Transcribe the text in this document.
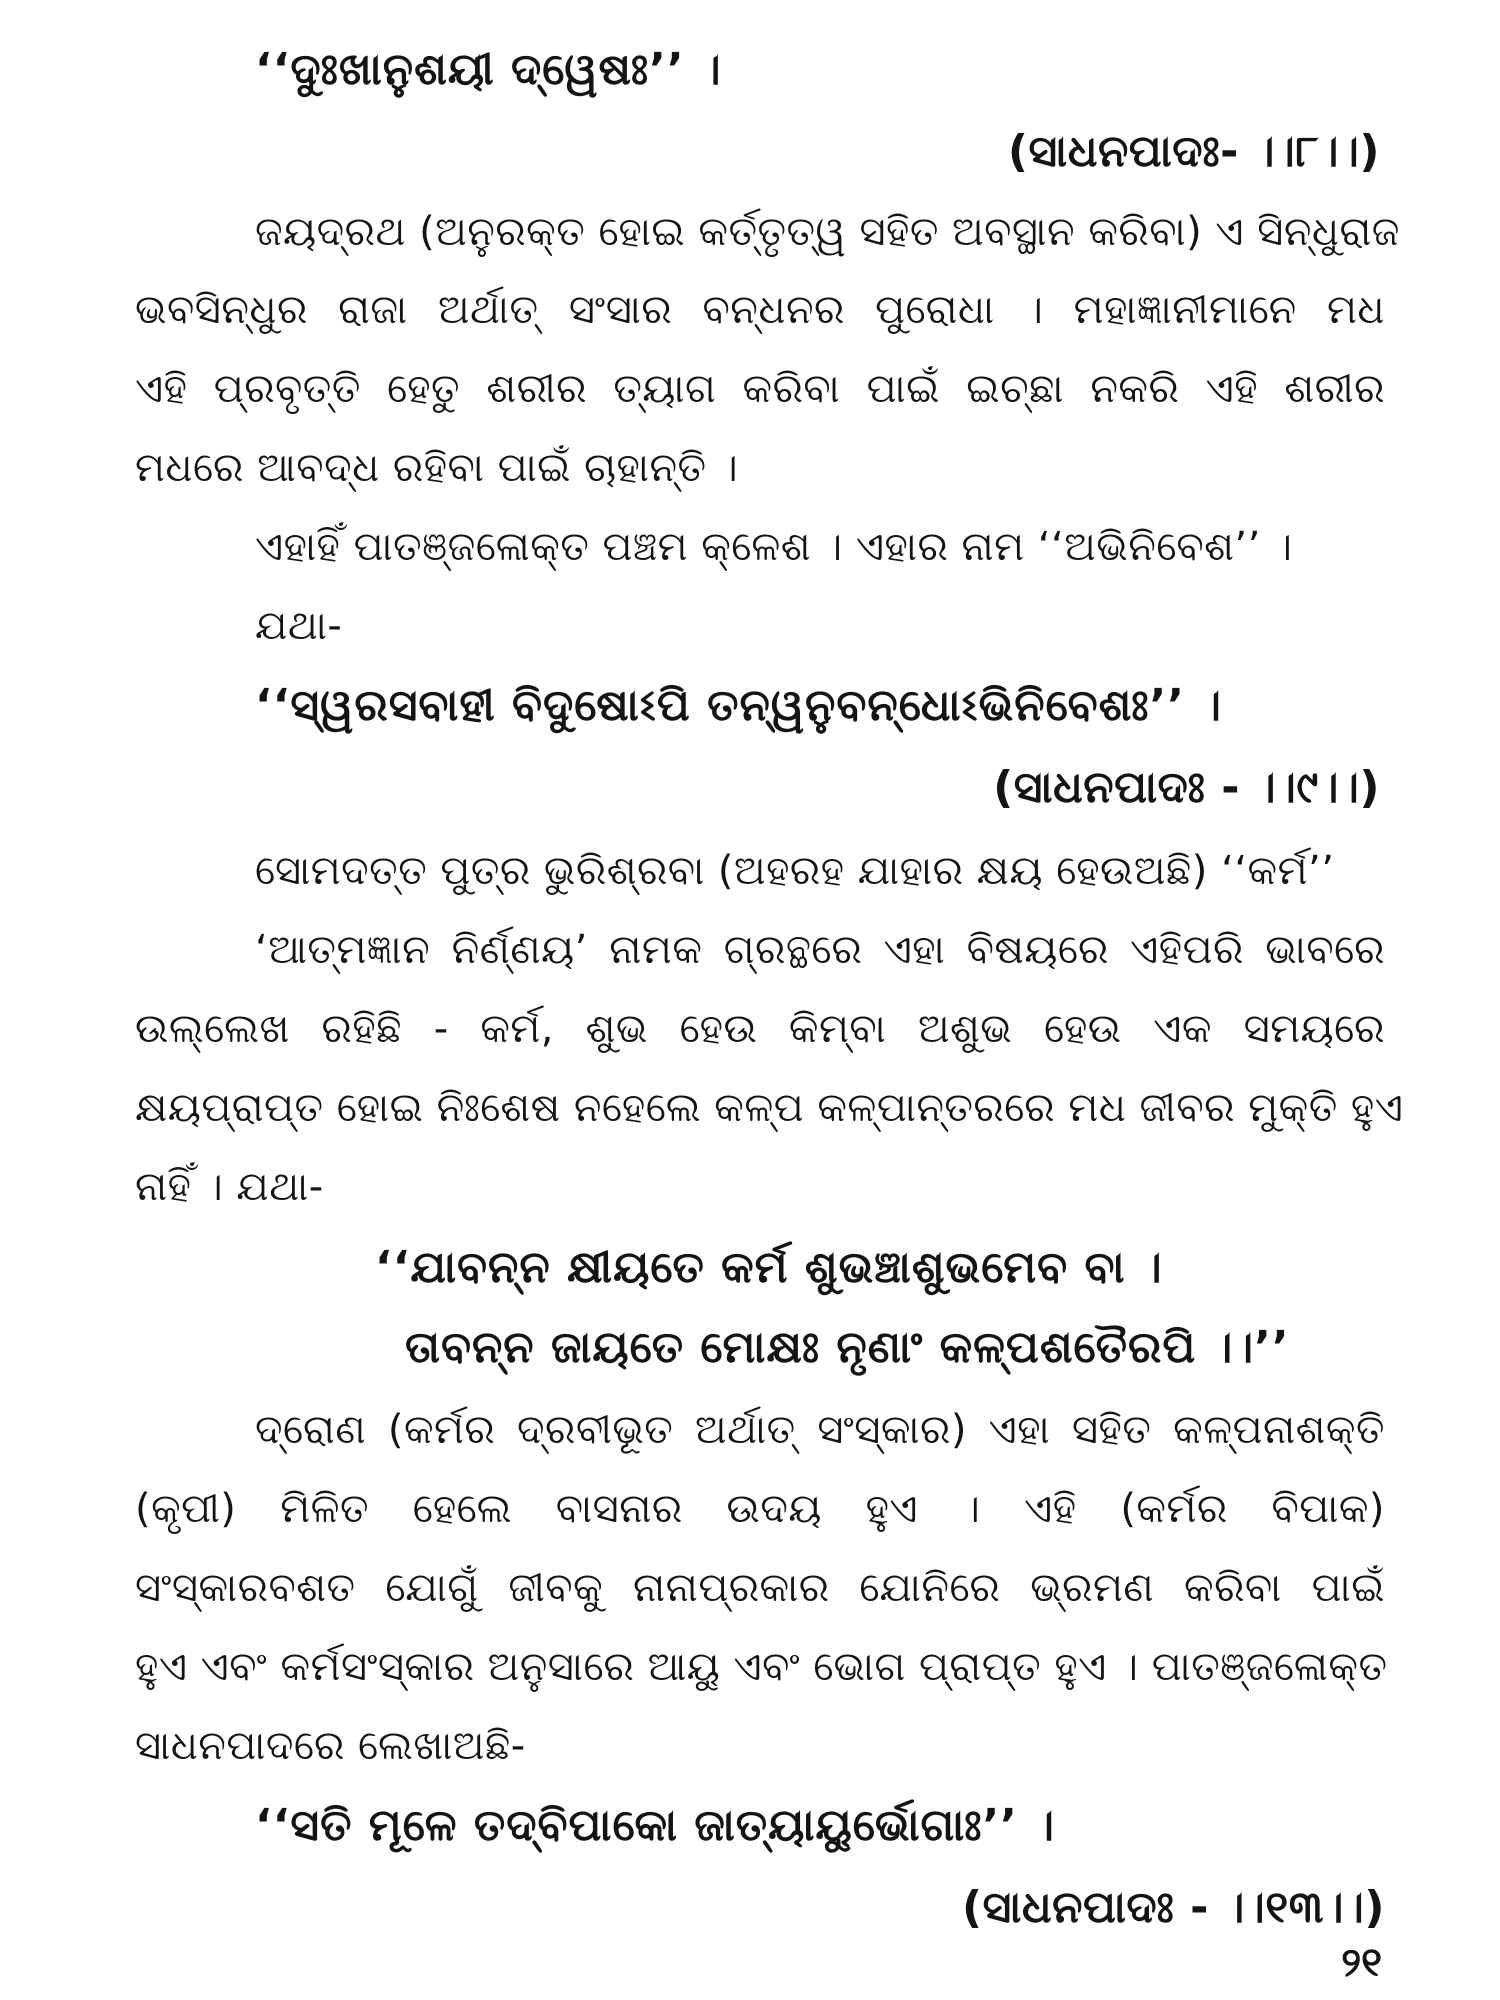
‘‘ଦୁଃଖାନୁଶୟୀ ଦ୍ୱେଷଃ’’ ।
(ସାଧନପାଦଃ- ।।୮।।)
ଜୟଦ୍ରଥ (ଅନୁରକ୍ତ ହୋଇ କର୍ତ୍ତୃତ୍ୱ ସହିତ ଅବସ୍ଥାନ କରିବା) ଏ ସିନ୍ଧୁରାଜ
ଭବସିନ୍ଧୁର ରାଜା ଅର୍ଥାତ୍ ସଂସାର ବନ୍ଧନର ପୁରୋଧା । ମହାଜ୍ଞାନୀମାନେ ମଧ
ଏହି ପ୍ରବୃତ୍ତି ହେତୁ ଶରୀର ତ୍ୟାଗ କରିବା ପାଇଁ ଇଚ୍ଛା ନକରି ଏହି ଶରୀର
ମଧରେ ଆବଦ୍ଧ ରହିବା ପାଇଁ ଚାହାନ୍ତି ।
ଏହାହିଁ ପାତଞ୍ଜଳୋକ୍ତ ପଞ୍ଚମ କ୍ଳେଶ । ଏହାର ନାମ ‘‘ଅଭିନିବେଶ’’ ।
ଯଥା-
‘‘ସ୍ୱରସବାହୀ ବିଦୁଷୋଽପି ତନ୍ୱନୁବନ୍ଧୋଽଭିନିବେଶଃ’’ ।
(ସାଧନପାଦଃ - ।।୯।।)
ସୋମଦତ୍ତ ପୁତ୍ର ଭୁରିଶ୍ରବା (ଅହରହ ଯାହାର କ୍ଷୟ ହେଉଅଛି) ‘‘କର୍ମ’’
‘ଆତ୍ମଜ୍ଞାନ ନିର୍ଣ୍ଣୟ’ ନାମକ ଗ୍ରନ୍ଥରେ ଏହା ବିଷୟରେ ଏହିପରି ଭାବରେ
ଉଲ୍ଲେଖ ରହିଛି - କର୍ମ, ଶୁଭ ହେଉ କିମ୍ବା ଅଶୁଭ ହେଉ ଏକ ସମୟରେ
କ୍ଷୟପ୍ରାପ୍ତ ହୋଇ ନିଃଶେଷ ନହେଲେ କଳ୍ପ କଳ୍ପାନ୍ତରରେ ମଧ ଜୀବର ମୁକ୍ତି ହୁଏ
ନାହିଁ । ଯଥା-
‘‘ଯାବନ୍ନ କ୍ଷୀୟତେ କର୍ମ ଶୁଭଞ୍ଚାଶୁଭମେବ ବା ।
ତାବନ୍ନ ଜାୟତେ ମୋକ୍ଷଃ ନୃଣାଂ କଳ୍ପଶତୈରପି ।।’’
ଦ୍ରୋଣ (କର୍ମର ଦ୍ରବୀଭୂତ ଅର୍ଥାତ୍ ସଂସ୍କାର) ଏହା ସହିତ କଳ୍ପନାଶକ୍ତି
(କୃପୀ) ମିଳିତ ହେଲେ ବାସନାର ଉଦୟ ହୁଏ । ଏହି (କର୍ମର ବିପାକ)
ସଂସ୍କାରବଶତ ଯୋଗୁଁ ଜୀବକୁ ନାନାପ୍ରକାର ଯୋନିରେ ଭ୍ରମଣ କରିବା ପାଇଁ
ହୁଏ ଏବଂ କର୍ମସଂସ୍କାର ଅନୁସାରେ ଆୟୁ ଏବଂ ଭୋଗ ପ୍ରାପ୍ତ ହୁଏ । ପାତଞ୍ଜଳୋକ୍ତ
ସାଧନପାଦରେ ଲେଖାଅଛି-
‘‘ସତି ମୂଳେ ତଦ୍‌ବିପାକୋ ଜାତ୍ୟାୟୁର୍ଭୋଗାଃ’’ ।
(ସାଧନପାଦଃ - ।।୧୩।।)
୨୧
